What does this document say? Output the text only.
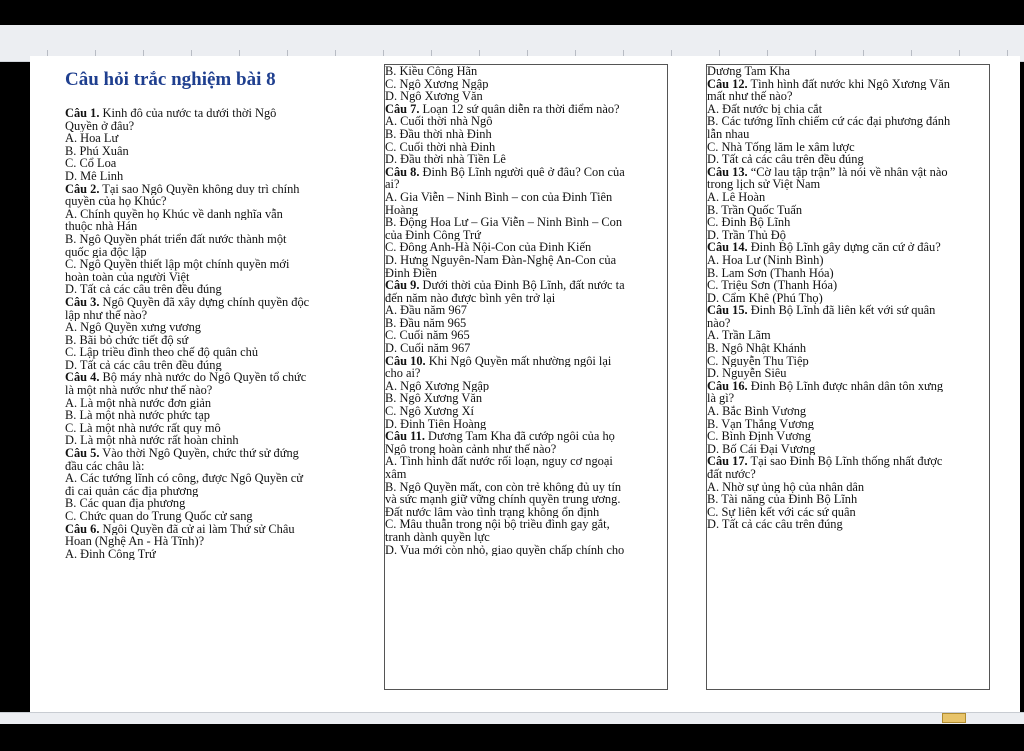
Câu hỏi trắc nghiệm bài 8
Câu 1. Kinh đô của nước ta dưới thời Ngô
Quyền ở đâu?
A. Hoa Lư
B. Phú Xuân
C. Cổ Loa
D. Mê Linh
Câu 2. Tại sao Ngô Quyền không duy trì chính
quyền của họ Khúc?
A. Chính quyền họ Khúc về danh nghĩa vẫn
thuộc nhà Hán
B. Ngô Quyền phát triển đất nước thành một
quốc gia độc lập
C. Ngô Quyền thiết lập một chính quyền mới
hoàn toàn của người Việt
D. Tất cả các câu trên đều đúng
Câu 3. Ngô Quyền đã xây dựng chính quyền độc
lập như thế nào?
A. Ngô Quyền xưng vương
B. Bãi bỏ chức tiết độ sứ
C. Lập triều đình theo chế độ quân chủ
D. Tất cả các câu trên đều đúng
Câu 4. Bộ máy nhà nước do Ngô Quyền tổ chức
là một nhà nước như thế nào?
A. Là một nhà nước đơn giản
B. Là một nhà nước phức tạp
C. Là một nhà nước rất quy mô
D. Là một nhà nước rất hoàn chỉnh
Câu 5. Vào thời Ngô Quyền, chức thứ sử đứng
đầu các châu là:
A. Các tướng lĩnh có công, được Ngô Quyền cử
đi cai quản các địa phương
B. Các quan địa phương
C. Chức quan do Trung Quốc cử sang
Câu 6. Ngôi Quyền đã cử ai làm Thứ sử Châu
Hoan (Nghệ An - Hà Tĩnh)?
A. Đinh Công Trứ
B. Kiều Công Hãn
C. Ngô Xương Ngập
D. Ngô Xương Văn
Câu 7. Loạn 12 sứ quân diễn ra thời điểm nào?
A. Cuối thời nhà Ngô
B. Đầu thời nhà Đinh
C. Cuối thời nhà Đinh
D. Đầu thời nhà Tiền Lê
Câu 8. Đinh Bộ Lĩnh người quê ở đâu? Con của
ai?
A. Gia Viễn – Ninh Bình – con của Đinh Tiên
Hoàng
B. Động Hoa Lư – Gia Viễn – Ninh Bình – Con
của Đinh Công Trứ
C. Đông Anh-Hà Nội-Con của Đinh Kiến
D. Hưng Nguyên-Nam Đàn-Nghệ An-Con của
Đinh Điền
Câu 9. Dưới thời của Đinh Bộ Lĩnh, đất nước ta
đến năm nào được bình yên trở lại
A. Đầu năm 967
B. Đầu năm 965
C. Cuối năm 965
D. Cuối năm 967
Câu 10. Khi Ngô Quyền mất nhường ngôi lại
cho ai?
A. Ngô Xương Ngập
B. Ngô Xương Văn
C. Ngô Xương Xí
D. Đinh Tiên Hoàng
Câu 11. Dương Tam Kha đã cướp ngôi của họ
Ngô trong hoàn cảnh như thế nào?
A. Tình hình đất nước rối loạn, nguy cơ ngoại
xâm
B. Ngô Quyền mất, con còn trẻ không đủ uy tín
và sức mạnh giữ vững chính quyền trung ương.
Đất nước lâm vào tình trạng không ổn định
C. Mâu thuẫn trong nội bộ triều đình gay gắt,
tranh dành quyền lực
D. Vua mới còn nhỏ, giao quyền chấp chính cho
Dương Tam Kha
Câu 12. Tình hình đất nước khi Ngô Xương Văn
mất như thế nào?
A. Đất nước bị chia cắt
B. Các tướng lĩnh chiếm cứ các đại phương đánh
lẫn nhau
C. Nhà Tống lăm le xâm lược
D. Tất cả các câu trên đều đúng
Câu 13. “Cờ lau tập trận” là nói về nhân vật nào
trong lịch sử Việt Nam
A. Lê Hoàn
B. Trần Quốc Tuấn
C. Đinh Bộ Lĩnh
D. Trần Thủ Độ
Câu 14. Đinh Bộ Lĩnh gây dựng căn cứ ở đâu?
A. Hoa Lư (Ninh Bình)
B. Lam Sơn (Thanh Hóa)
C. Triệu Sơn (Thanh Hóa)
D. Cẩm Khê (Phú Thọ)
Câu 15. Đinh Bộ Lĩnh đã liên kết với sứ quân
nào?
A. Trần Lãm
B. Ngô Nhật Khánh
C. Nguyễn Thu Tiệp
D. Nguyễn Siêu
Câu 16. Đinh Bộ Lĩnh được nhân dân tôn xưng
là gì?
A. Bắc Bình Vương
B. Vạn Thắng Vương
C. Bình Định Vương
D. Bố Cái Đại Vương
Câu 17. Tại sao Đinh Bộ Lĩnh thống nhất được
đất nước?
A. Nhờ sự ủng hộ của nhân dân
B. Tài năng của Đinh Bộ Lĩnh
C. Sự liên kết với các sứ quân
D. Tất cả các câu trên đúng
